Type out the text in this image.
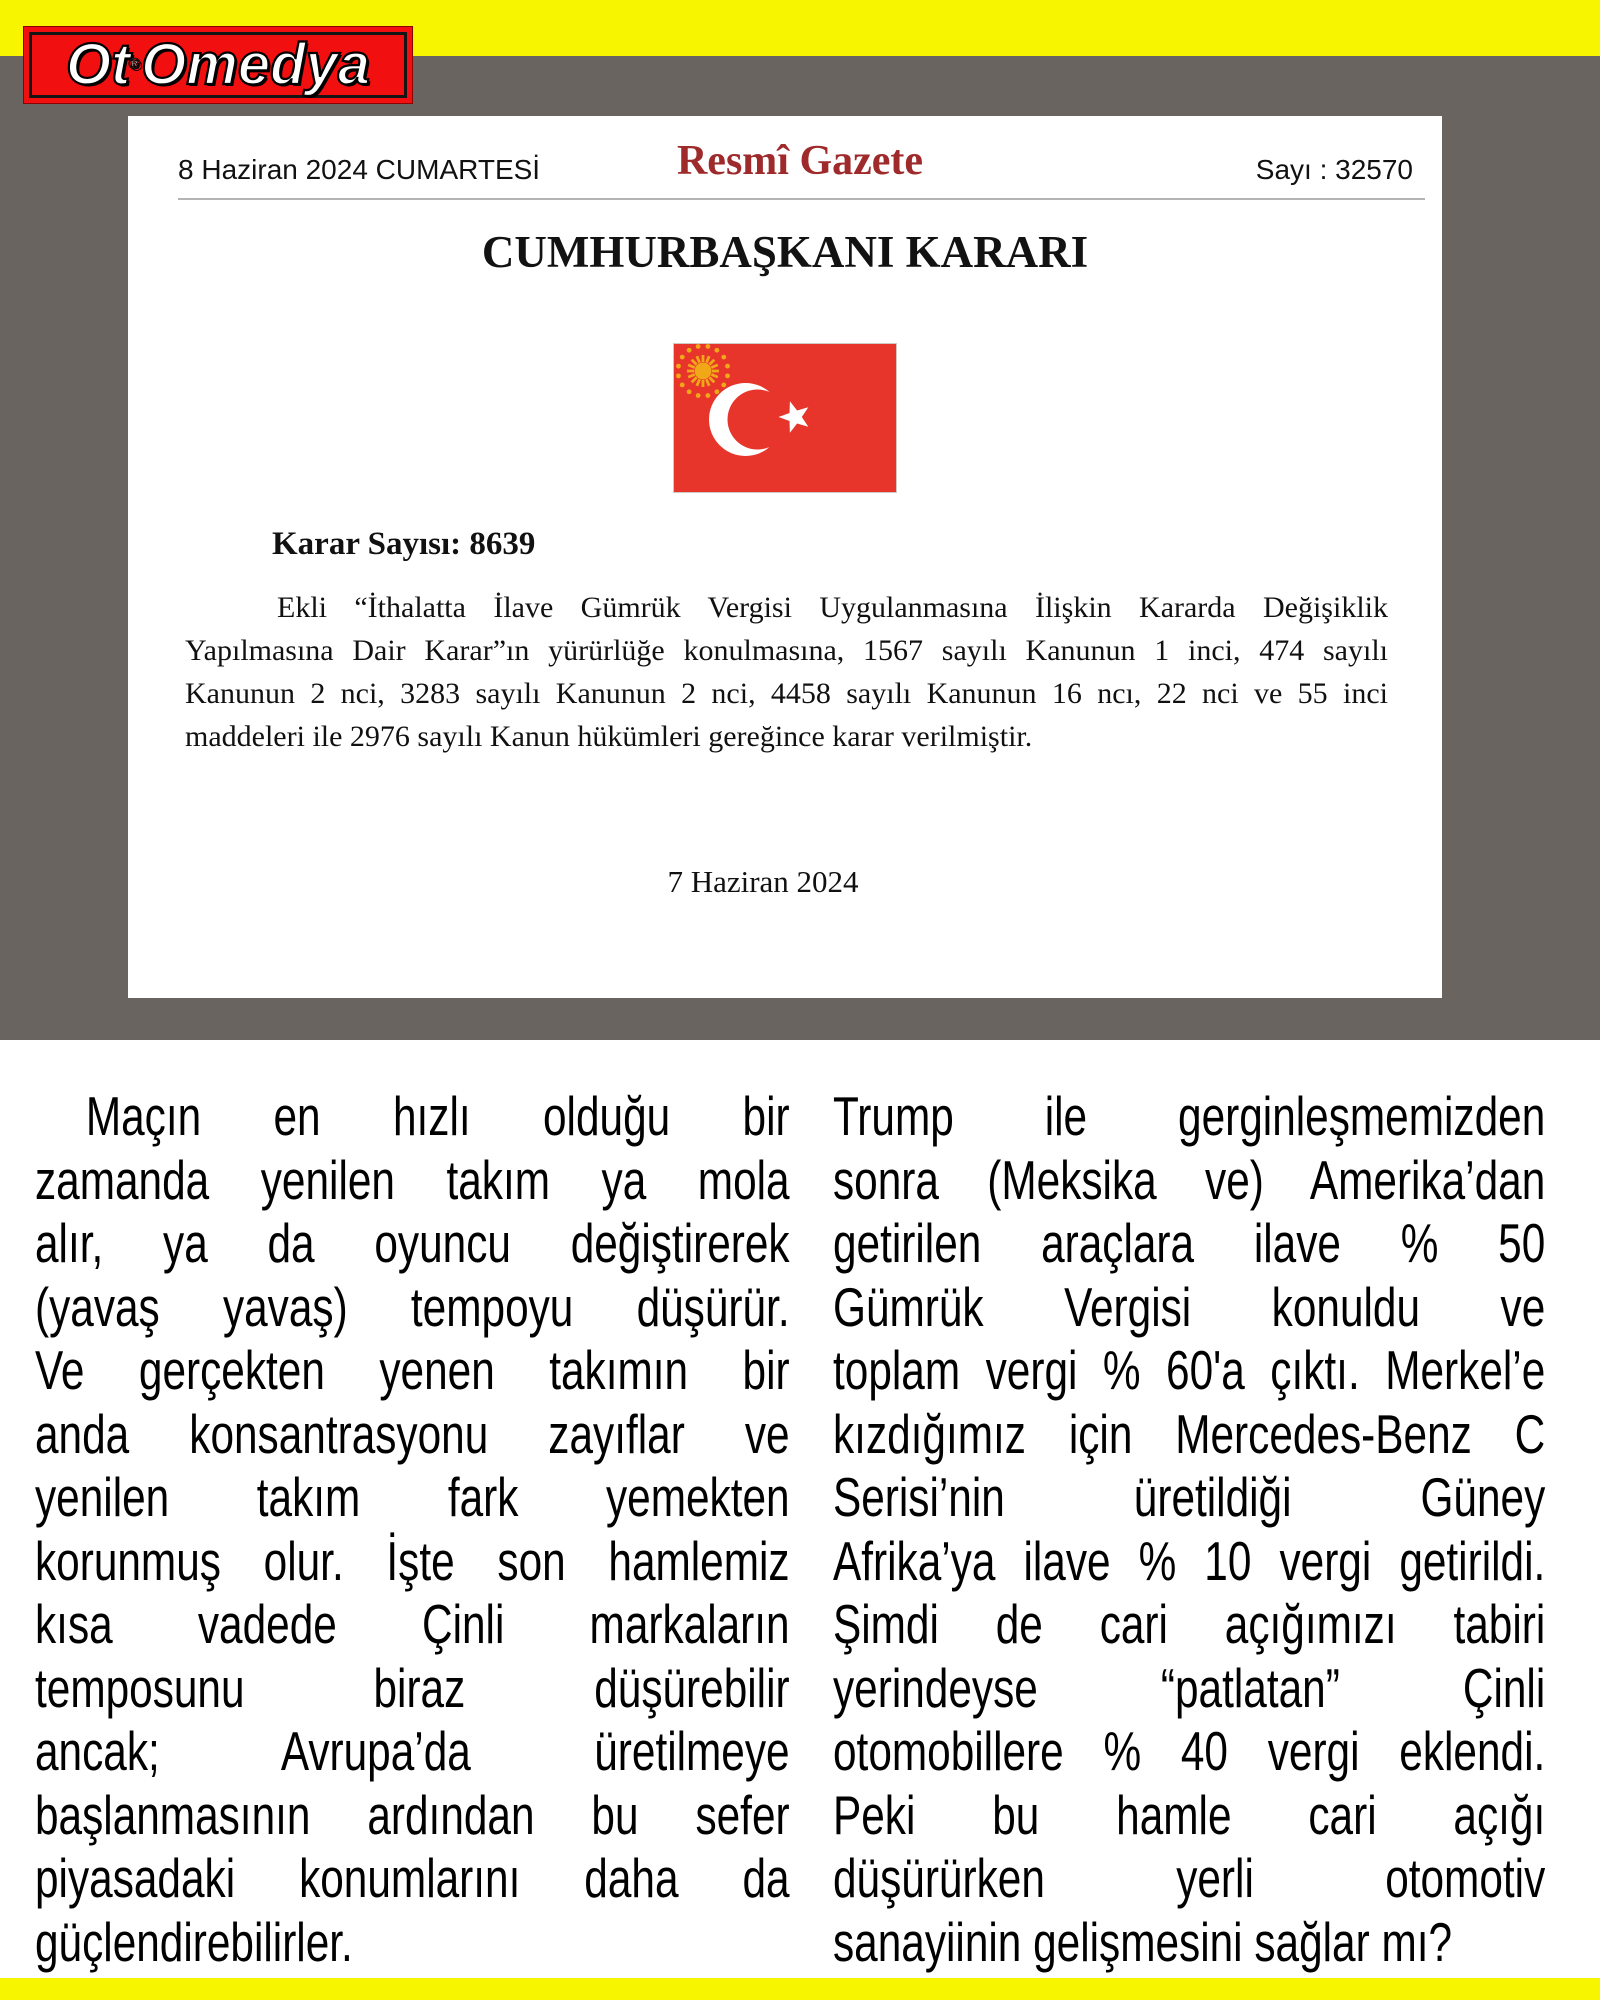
Ot
® Omedya
8 Haziran 2024 CUMARTESİ	Resmî Gazete	Sayı : 32570
CUMHURBAŞKANI KARARI
Karar Sayısı: 8639
Ekli “İthalatta İlave Gümrük Vergisi Uygulanmasına İlişkin Kararda Değişiklik
Yapılmasına Dair Karar”ın yürürlüğe konulmasına, 1567 sayılı Kanunun 1 inci, 474 sayılı
Kanunun 2 nci, 3283 sayılı Kanunun 2 nci, 4458 sayılı Kanunun 16 ncı, 22 nci ve 55 inci
maddeleri ile 2976 sayılı Kanun hükümleri gereğince karar verilmiştir.
7 Haziran 2024
Maçın en hızlı olduğu bir
zamanda yenilen takım ya mola
alır, ya da oyuncu değiştirerek
(yavaş yavaş) tempoyu düşürür.
Ve gerçekten yenen takımın bir
anda konsantrasyonu zayıflar ve
yenilen takım fark yemekten
korunmuş olur. İşte son hamlemiz
kısa vadede Çinli markaların
temposunu biraz düşürebilir
ancak; Avrupa’da üretilmeye
başlanmasının ardından bu sefer
piyasadaki konumlarını daha da
güçlendirebilirler.
Trump ile gerginleşmemizden
sonra (Meksika ve) Amerika’dan
getirilen araçlara ilave % 50
Gümrük Vergisi konuldu ve
toplam vergi % 60'a çıktı. Merkel’e
kızdığımız için Mercedes-Benz C
Serisi’nin üretildiği Güney
Afrika’ya ilave % 10 vergi getirildi.
Şimdi de cari açığımızı tabiri
yerindeyse “patlatan” Çinli
otomobillere % 40 vergi eklendi.
Peki bu hamle cari açığı
düşürürken yerli otomotiv
sanayiinin gelişmesini sağlar mı?
